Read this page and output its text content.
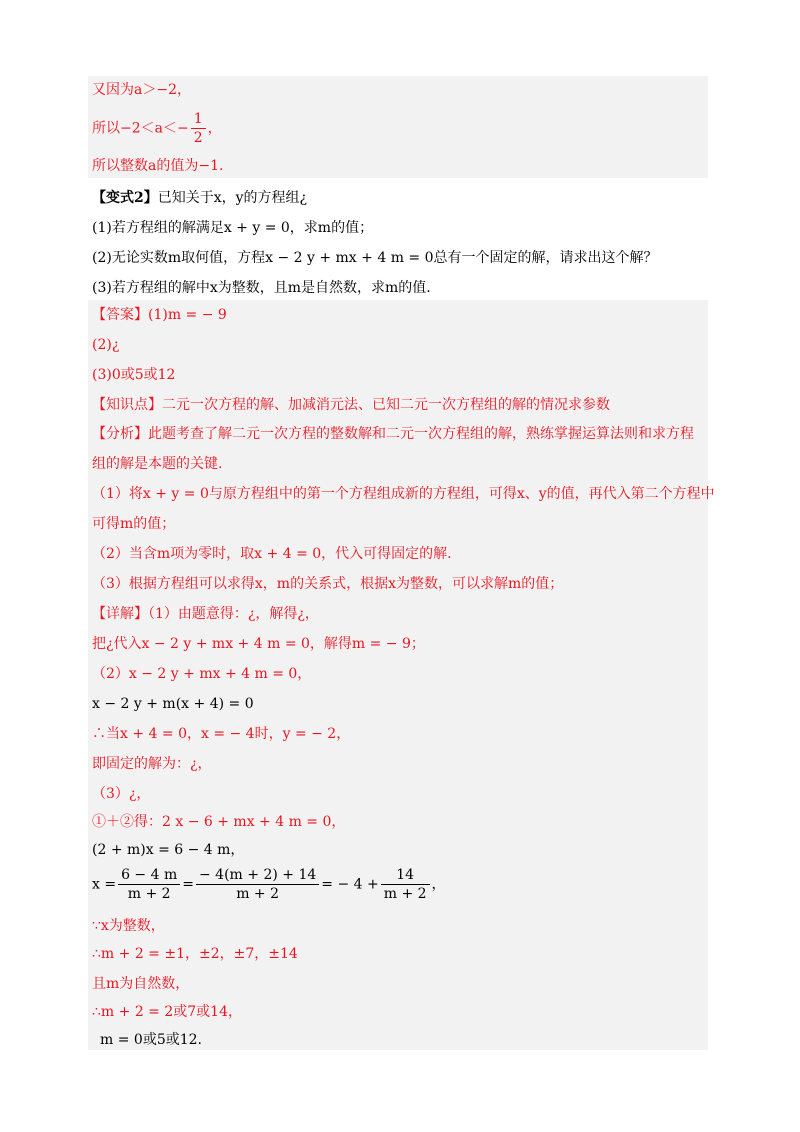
又因为a＞−2，
所以$-2<a<- \frac{1}{2}$ ，
所以整数a的值为−1.
【变式2】已知关于x，y的方程组¿
(1)若方程组的解满足x + y = 0，求m的值；
(2)无论实数m取何值，方程x − 2 y + mx + 4 m = 0总有一个固定的解，请求出这个解？
(3)若方程组的解中x为整数，且m是自然数，求m的值.
【答案】(1)m = − 9
(2)¿
(3)0或5或12
【知识点】二元一次方程的解、加减消元法、已知二元一次方程组的解的情况求参数
【分析】此题考查了解二元一次方程的整数解和二元一次方程组的解，熟练掌握运算法则和求方程
组的解是本题的关键.
（1）将x + y = 0与原方程组中的第一个方程组成新的方程组，可得x、y的值，再代入第二个方程中
可得m的值；
（2）当含m项为零时，取x + 4 = 0，代入可得固定的解.
（3）根据方程组可以求得x，m的关系式，根据x为整数，可以求解m的值；
【详解】（1）由题意得：¿，解得¿，
把¿代入x − 2 y + mx + 4 m = 0，解得m = − 9；
（2）x − 2 y + mx + 4 m = 0，
x − 2 y + m(x + 4) = 0
∴当x + 4 = 0，x = − 4时，y = − 2，
即固定的解为：¿，
（3）¿，
①＋②得：2 x − 6 + mx + 4 m = 0，
(2 + m)x = 6 − 4 m，
$x = \frac{6 - 4 m}{m + 2} = \frac{- 4(m + 2) + 14}{m + 2}$ = − $4 + \frac{14}{m + 2}$ ，
∵x为整数，
∴m + 2 = ±1，±2，±7，±14
且m为自然数，
∴m + 2 = 2或7或14，
m = 0或5或12.
